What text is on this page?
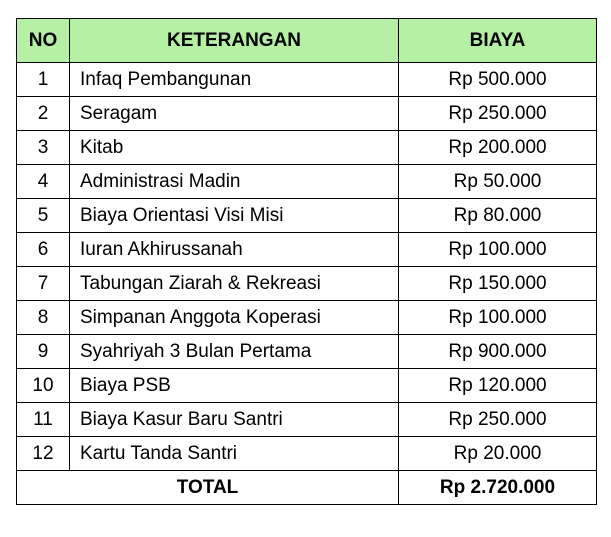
NO	KETERANGAN	BIAYA
1	Infaq Pembangunan	Rp 500.000
2	Seragam	Rp 250.000
3	Kitab	Rp 200.000
4	Administrasi Madin	Rp 50.000
5	Biaya Orientasi Visi Misi	Rp 80.000
6	Iuran Akhirussanah	Rp 100.000
7	Tabungan Ziarah & Rekreasi	Rp 150.000
8	Simpanan Anggota Koperasi	Rp 100.000
9	Syahriyah 3 Bulan Pertama	Rp 900.000
10	Biaya PSB	Rp 120.000
11	Biaya Kasur Baru Santri	Rp 250.000
12	Kartu Tanda Santri	Rp 20.000
TOTAL		Rp 2.720.000
